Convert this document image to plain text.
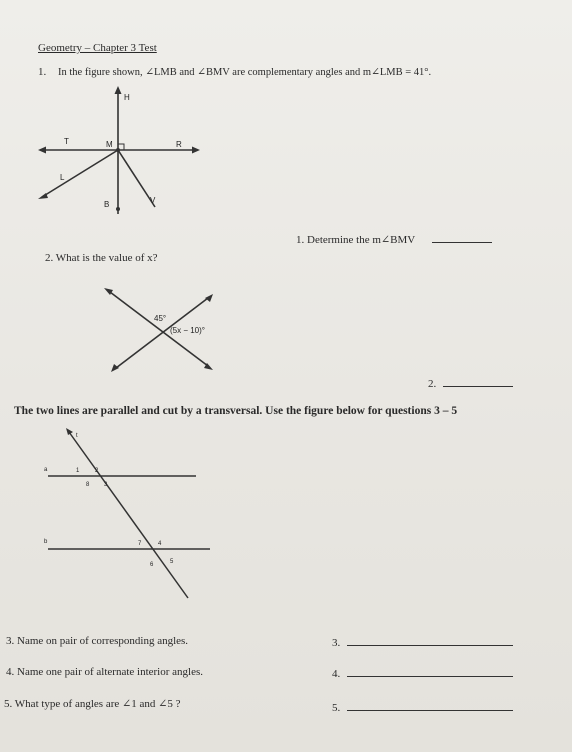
Geometry – Chapter 3 Test
1. In the figure shown, ∠LMB and ∠BMV are complementary angles and m∠LMB = 41°.
H
T	M	R
L
B	V
45°
(5x − 10)°
t
a
b
1	2
3
4
5
6
7
8
1. Determine the m∠BMV
2. What is the value of x?
2.
The two lines are parallel and cut by a transversal. Use the figure below for questions 3 – 5
3. Name on pair of corresponding angles.	3.
4. Name one pair of alternate interior angles.	4.
5. What type of angles are ∠1 and ∠5 ?	5.
